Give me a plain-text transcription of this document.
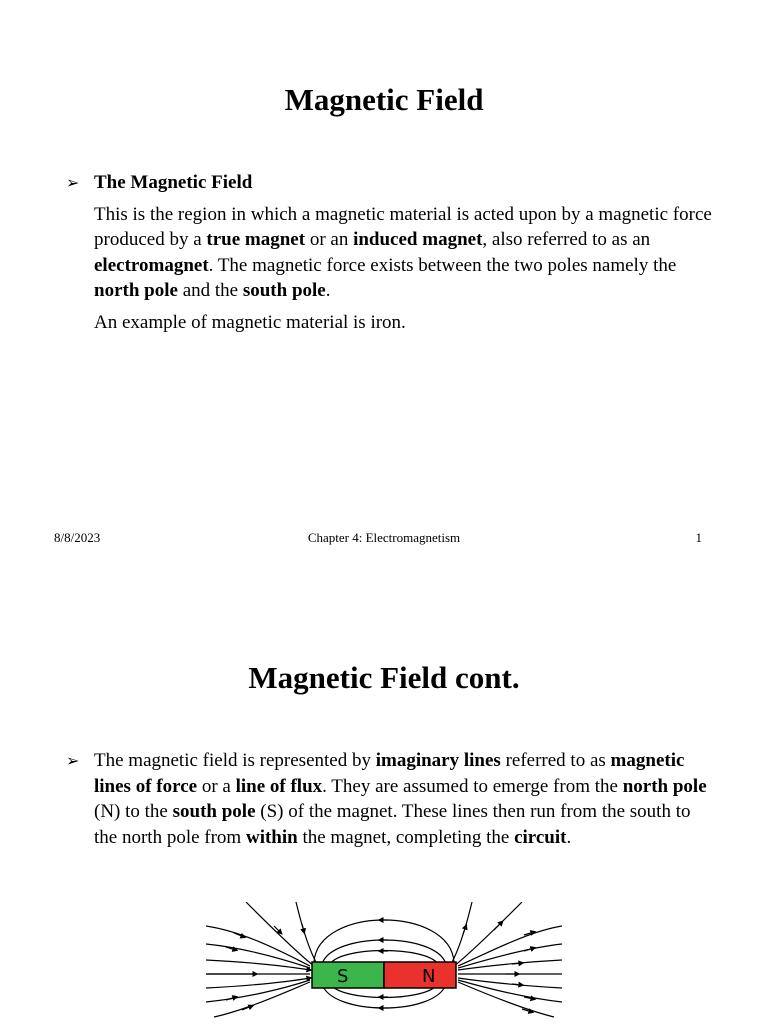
Magnetic Field
➢ The Magnetic Field
This is the region in which a magnetic material is acted upon by a magnetic force produced by a true magnet or an induced magnet, also referred to as an electromagnet. The magnetic force exists between the two poles namely the north pole and the south pole.
An example of magnetic material is iron.
8/8/2023	Chapter 4: Electromagnetism	1
Magnetic Field cont.
➢ The magnetic field is represented by imaginary lines referred to as magnetic lines of force or a line of flux. They are assumed to emerge from the north pole (N) to the south pole (S) of the magnet. These lines then run from the south to the north pole from within the magnet, completing the circuit.
S	N
